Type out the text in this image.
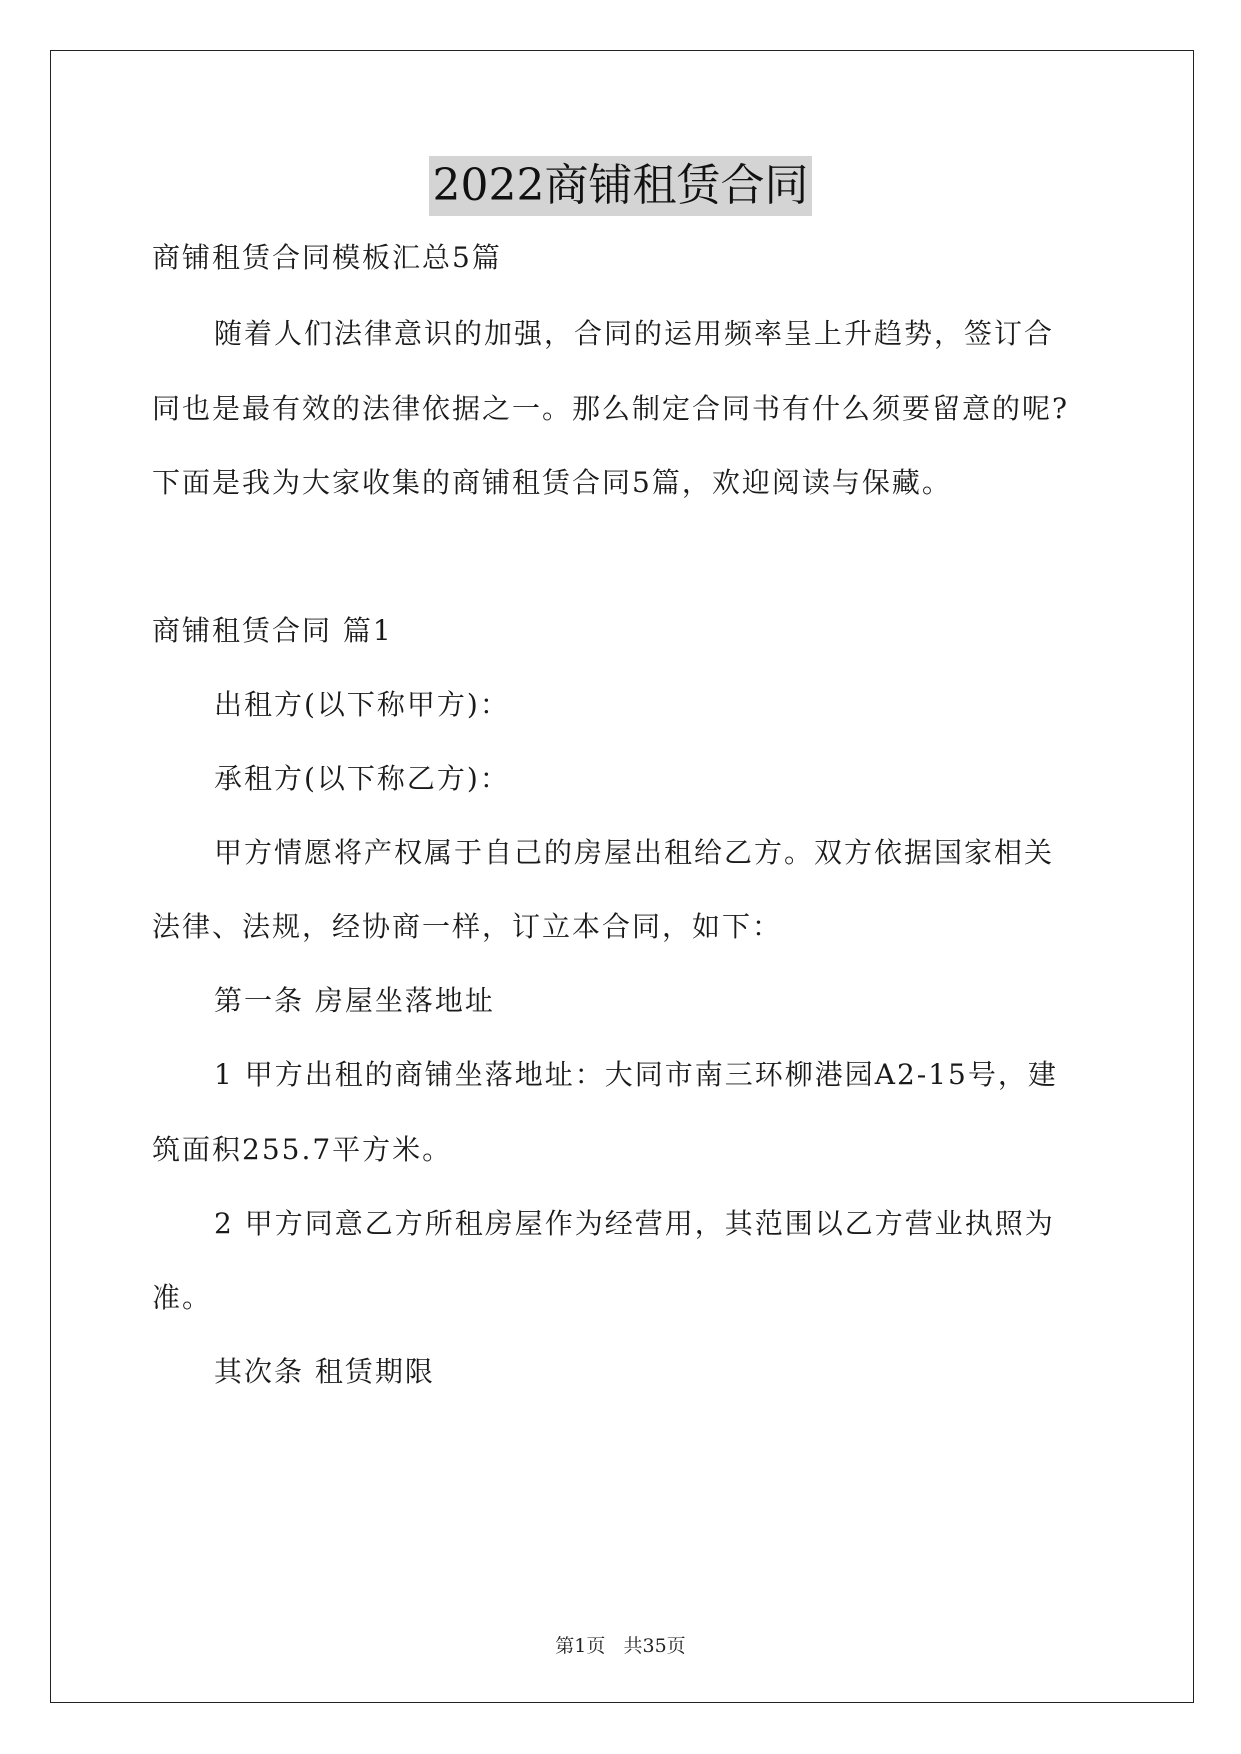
2022商铺租赁合同
商铺租赁合同模板汇总5篇
随着人们法律意识的加强，合同的运用频率呈上升趋势，签订合
同也是最有效的法律依据之一。那么制定合同书有什么须要留意的呢?
下面是我为大家收集的商铺租赁合同5篇，欢迎阅读与保藏。
商铺租赁合同 篇1
出租方(以下称甲方)：
承租方(以下称乙方)：
甲方情愿将产权属于自己的房屋出租给乙方。双方依据国家相关
法律、法规，经协商一样，订立本合同，如下：
第一条 房屋坐落地址
1 甲方出租的商铺坐落地址：大同市南三环柳港园A2-15号，建
筑面积255.7平方米。
2 甲方同意乙方所租房屋作为经营用，其范围以乙方营业执照为
准。
其次条 租赁期限
第1页   共35页
